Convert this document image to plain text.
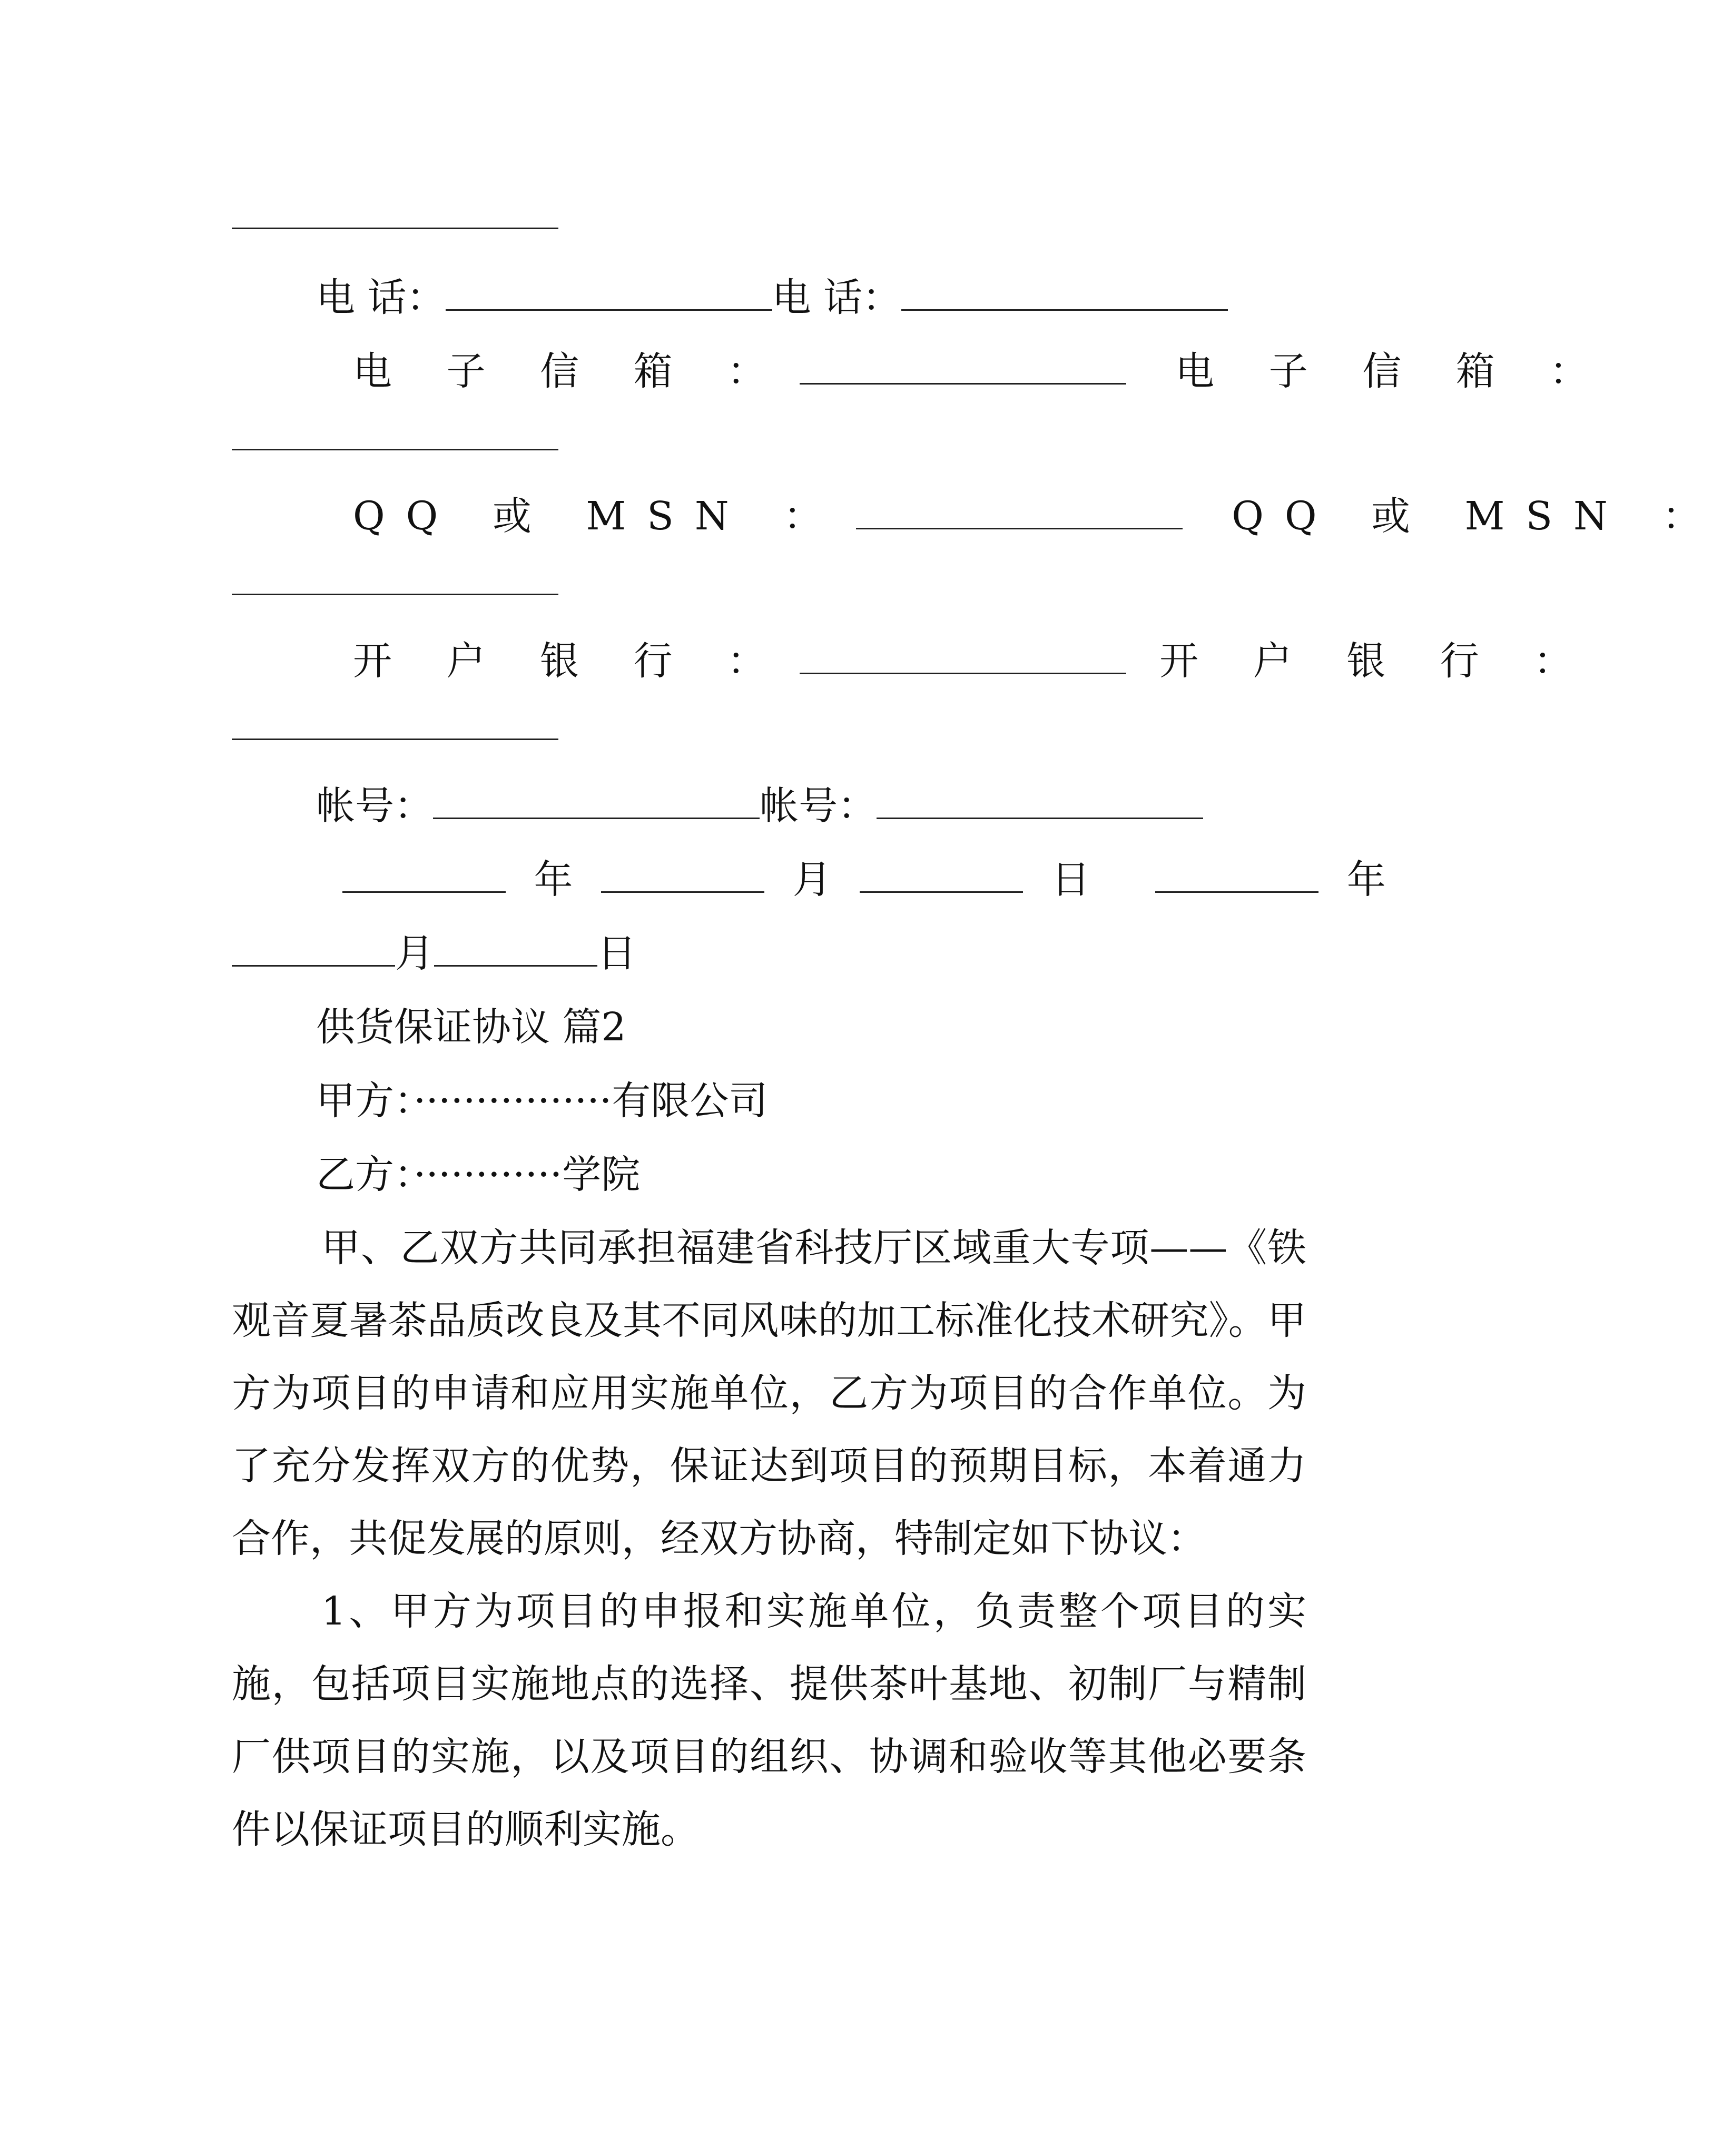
电 话：	电 话：
电 子 信 箱 ：	电 子 信 箱 ：
QQ 或 MSN ：	QQ 或 MSN ：
开 户 银 行 ：	开 户 银 行 ：
帐号：	帐号：
年	月	日	年
月	日
供货保证协议 篇2
甲方：················有限公司
乙方：············学院

甲、乙双方共同承担福建省科技厅区域重大专项——《铁观音夏暑茶品质改良及其不同风味的加工标准化技术研究》。甲方为项目的申请和应用实施单位，乙方为项目的合作单位。为了充分发挥双方的优势，保证达到项目的预期目标，本着通力合作，共促发展的原则，经双方协商，特制定如下协议：

1、甲方为项目的申报和实施单位，负责整个项目的实施，包括项目实施地点的选择、提供茶叶基地、初制厂与精制厂供项目的实施，以及项目的组织、协调和验收等其他必要条件以保证项目的顺利实施。
